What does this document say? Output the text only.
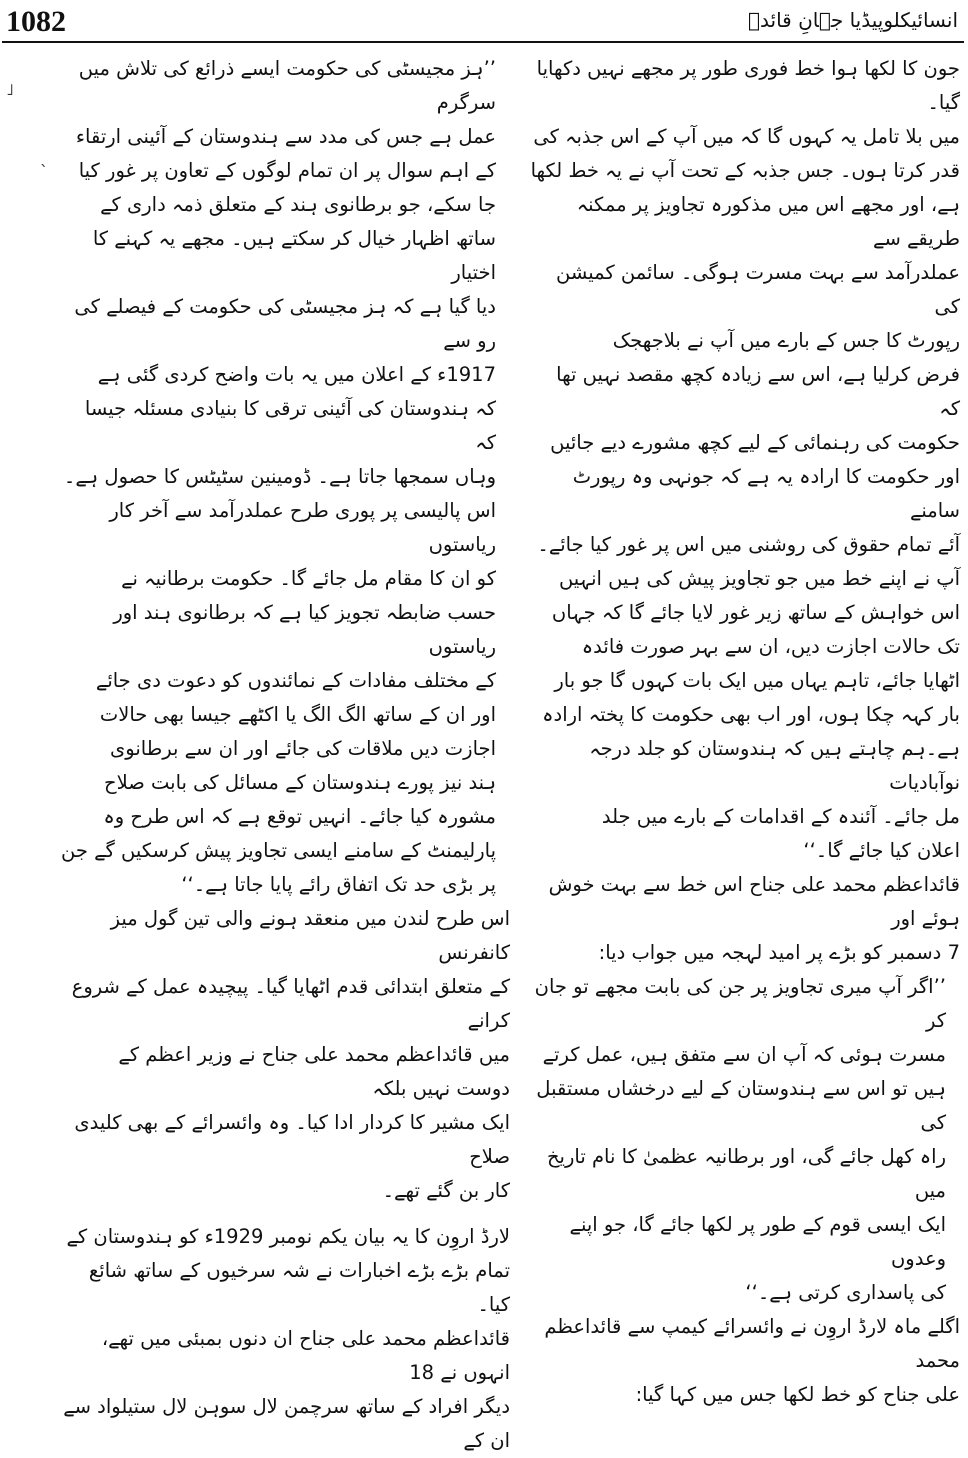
1082	انسائیکلوپیڈیا جہانِ قائدؒ
˩
ˎ

جون کا لکھا ہوا خط فوری طور پر مجھے نہیں دکھایا گیا۔
میں بلا تامل یہ کہوں گا کہ میں آپ کے اس جذبہ کی
قدر کرتا ہوں۔ جس جذبہ کے تحت آپ نے یہ خط لکھا
ہے، اور مجھے اس میں مذکورہ تجاویز پر ممکنہ طریقے سے
عملدرآمد سے بہت مسرت ہوگی۔ سائمن کمیشن کی
رپورٹ کا جس کے بارے میں آپ نے بلاجھجک
فرض کرلیا ہے، اس سے زیادہ کچھ مقصد نہیں تھا کہ
حکومت کی رہنمائی کے لیے کچھ مشورے دیے جائیں
اور حکومت کا ارادہ یہ ہے کہ جونہی وہ رپورٹ سامنے
آئے تمام حقوق کی روشنی میں اس پر غور کیا جائے۔
آپ نے اپنے خط میں جو تجاویز پیش کی ہیں انہیں
اس خواہش کے ساتھ زیر غور لایا جائے گا کہ جہاں
تک حالات اجازت دیں، ان سے بہر صورت فائدہ
اٹھایا جائے، تاہم یہاں میں ایک بات کہوں گا جو بار
بار کہہ چکا ہوں، اور اب بھی حکومت کا پختہ ارادہ
ہے۔ہم چاہتے ہیں کہ ہندوستان کو جلد درجہ نوآبادیات
مل جائے۔ آئندہ کے اقدامات کے بارے میں جلد
اعلان کیا جائے گا۔‘‘

قائداعظم محمد علی جناح اس خط سے بہت خوش ہوئے اور
7 دسمبر کو بڑے پر امید لہجہ میں جواب دیا:

’’اگر آپ میری تجاویز پر جن کی بابت مجھے تو جان کر
مسرت ہوئی کہ آپ ان سے متفق ہیں، عمل کرتے
ہیں تو اس سے ہندوستان کے لیے درخشاں مستقبل کی
راہ کھل جائے گی، اور برطانیہ عظمیٰ کا نام تاریخ میں
ایک ایسی قوم کے طور پر لکھا جائے گا، جو اپنے وعدوں
کی پاسداری کرتی ہے۔‘‘

اگلے ماہ لارڈ اروِن نے وائسرائے کیمپ سے قائداعظم محمد
علی جناح کو خط لکھا جس میں کہا گیا:

’’ہز مجیسٹی کی حکومت ایسے ذرائع کی تلاش میں سرگرم
عمل ہے جس کی مدد سے ہندوستان کے آئینی ارتقاء
کے اہم سوال پر ان تمام لوگوں کے تعاون پر غور کیا
جا سکے، جو برطانوی ہند کے متعلق ذمہ داری کے
ساتھ اظہار خیال کر سکتے ہیں۔ مجھے یہ کہنے کا اختیار
دیا گیا ہے کہ ہز مجیسٹی کی حکومت کے فیصلے کی رو سے
1917ء کے اعلان میں یہ بات واضح کردی گئی ہے
کہ ہندوستان کی آئینی ترقی کا بنیادی مسئلہ جیسا کہ
وہاں سمجھا جاتا ہے۔ ڈومینین سٹیٹس کا حصول ہے۔
اس پالیسی پر پوری طرح عملدرآمد سے آخر کار ریاستوں
کو ان کا مقام مل جائے گا۔ حکومت برطانیہ نے
حسب ضابطہ تجویز کیا ہے کہ برطانوی ہند اور ریاستوں
کے مختلف مفادات کے نمائندوں کو دعوت دی جائے
اور ان کے ساتھ الگ الگ یا اکٹھے جیسا بھی حالات
اجازت دیں ملاقات کی جائے اور ان سے برطانوی
ہند نیز پورے ہندوستان کے مسائل کی بابت صلاح
مشورہ کیا جائے۔ انہیں توقع ہے کہ اس طرح وہ
پارلیمنٹ کے سامنے ایسی تجاویز پیش کرسکیں گے جن
پر بڑی حد تک اتفاق رائے پایا جاتا ہے۔‘‘

اس طرح لندن میں منعقد ہونے والی تین گول میز کانفرنس
کے متعلق ابتدائی قدم اٹھایا گیا۔ پیچیدہ عمل کے شروع کرانے
میں قائداعظم محمد علی جناح نے وزیر اعظم کے دوست نہیں بلکہ
ایک مشیر کا کردار ادا کیا۔ وہ وائسرائے کے بھی کلیدی صلاح
کار بن گئے تھے۔

لارڈ اروِن کا یہ بیان یکم نومبر 1929ء کو ہندوستان کے
تمام بڑے بڑے اخبارات نے شہ سرخیوں کے ساتھ شائع کیا۔
قائداعظم محمد علی جناح ان دنوں بمبئی میں تھے، انہوں نے 18
دیگر افراد کے ساتھ سرچمن لال سوہن لال ستیلواد سے ان کے
